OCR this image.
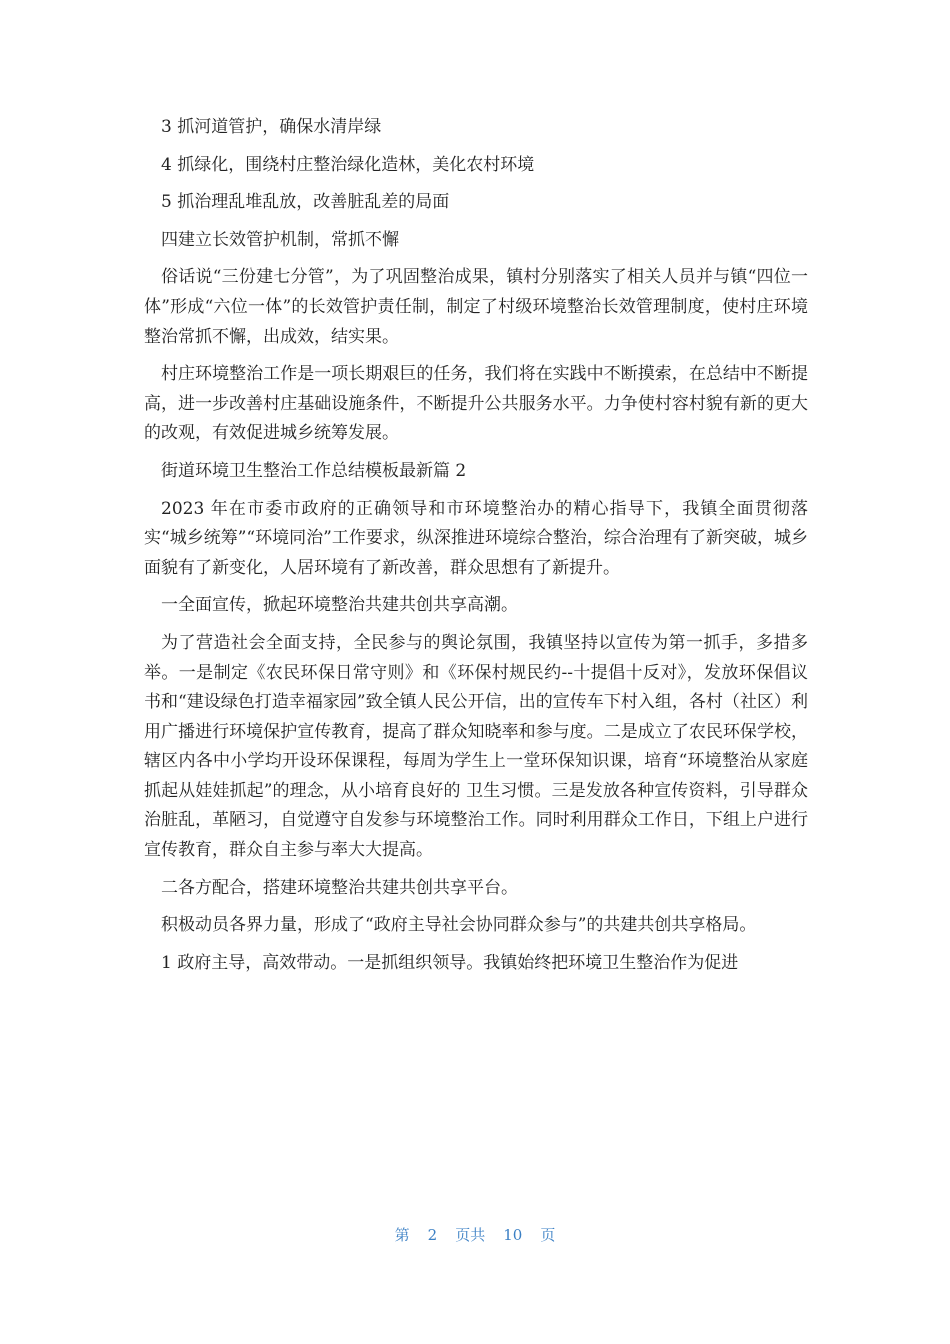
3 抓河道管护，确保水清岸绿

4 抓绿化，围绕村庄整治绿化造林，美化农村环境

5 抓治理乱堆乱放，改善脏乱差的局面

四建立长效管护机制，常抓不懈

俗话说“三份建七分管”，为了巩固整治成果，镇村分别落实了相关人员并与镇“四位一体”形成“六位一体”的长效管护责任制，制定了村级环境整治长效管理制度，使村庄环境整治常抓不懈，出成效，结实果。

村庄环境整治工作是一项长期艰巨的任务，我们将在实践中不断摸索，在总结中不断提高，进一步改善村庄基础设施条件，不断提升公共服务水平。力争使村容村貌有新的更大的改观，有效促进城乡统筹发展。

街道环境卫生整治工作总结模板最新篇 2

2023 年在市委市政府的正确领导和市环境整治办的精心指导下，我镇全面贯彻落实“城乡统筹”“环境同治”工作要求，纵深推进环境综合整治，综合治理有了新突破，城乡面貌有了新变化，人居环境有了新改善，群众思想有了新提升。

一全面宣传，掀起环境整治共建共创共享高潮。

为了营造社会全面支持，全民参与的舆论氛围，我镇坚持以宣传为第一抓手，多措多举。一是制定《农民环保日常守则》和《环保村规民约--十提倡十反对》，发放环保倡议书和“建设绿色打造幸福家园”致全镇人民公开信，出的宣传车下村入组，各村（社区）利用广播进行环境保护宣传教育，提高了群众知晓率和参与度。二是成立了农民环保学校，辖区内各中小学均开设环保课程，每周为学生上一堂环保知识课，培育“环境整治从家庭抓起从娃娃抓起”的理念，从小培育良好的 卫生习惯。三是发放各种宣传资料，引导群众治脏乱，革陋习，自觉遵守自发参与环境整治工作。同时利用群众工作日，下组上户进行宣传教育，群众自主参与率大大提高。

二各方配合，搭建环境整治共建共创共享平台。

积极动员各界力量，形成了“政府主导社会协同群众参与”的共建共创共享格局。

1 政府主导，高效带动。一是抓组织领导。我镇始终把环境卫生整治作为促进

第 2 页共 10 页
